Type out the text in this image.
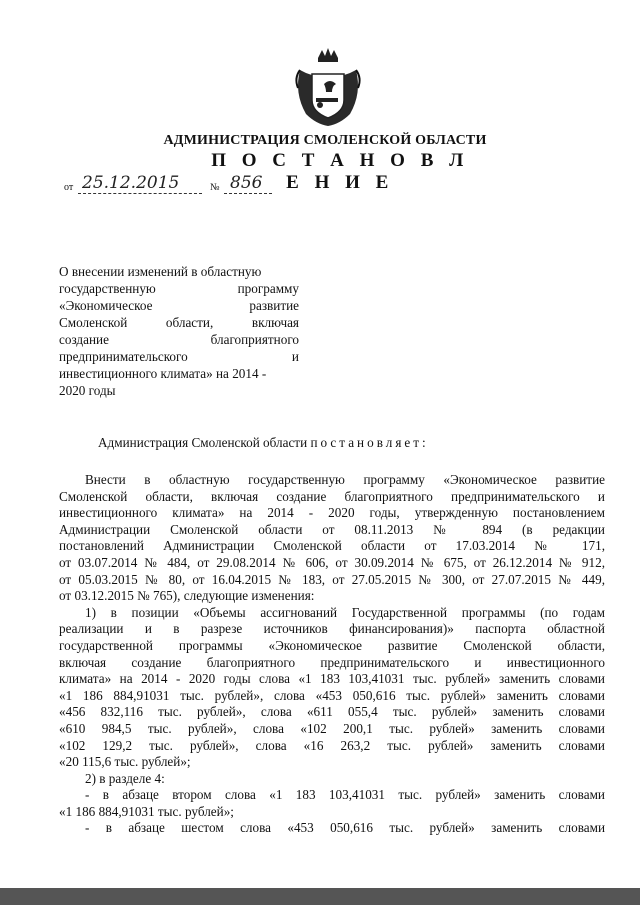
АДМИНИСТРАЦИЯ СМОЛЕНСКОЙ ОБЛАСТИ
П О С Т А Н О В Л Е Н И Е
от 25.12.2015	№ 856
О внесении изменений в областную
государственную программу
«Экономическое развитие
Смоленской области, включая
создание благоприятного
предпринимательского и
инвестиционного климата» на 2014 -
2020 годы
Администрация Смоленской области постановляет:
Внести в областную государственную программу «Экономическое развитие
Смоленской области, включая создание благоприятного предпринимательского и
инвестиционного климата» на 2014 - 2020 годы, утвержденную постановлением
Администрации Смоленской области от 08.11.2013 № 894 (в редакции
постановлений Администрации Смоленской области от 17.03.2014 № 171,
от 03.07.2014 № 484, от 29.08.2014 № 606, от 30.09.2014 № 675, от 26.12.2014 № 912,
от 05.03.2015 № 80, от 16.04.2015 № 183, от 27.05.2015 № 300, от 27.07.2015 № 449,
от 03.12.2015 № 765), следующие изменения:
1) в позиции «Объемы ассигнований Государственной программы (по годам
реализации и в разрезе источников финансирования)» паспорта областной
государственной программы «Экономическое развитие Смоленской области,
включая создание благоприятного предпринимательского и инвестиционного
климата» на 2014 - 2020 годы слова «1 183 103,41031 тыс. рублей» заменить словами
«1 186 884,91031 тыс. рублей», слова «453 050,616 тыс. рублей» заменить словами
«456 832,116 тыс. рублей», слова «611 055,4 тыс. рублей» заменить словами
«610 984,5 тыс. рублей», слова «102 200,1 тыс. рублей» заменить словами
«102 129,2 тыс. рублей», слова «16 263,2 тыс. рублей» заменить словами
«20 115,6 тыс. рублей»;
2) в разделе 4:
- в абзаце втором слова «1 183 103,41031 тыс. рублей» заменить словами
«1 186 884,91031 тыс. рублей»;
- в абзаце шестом слова «453 050,616 тыс. рублей» заменить словами
